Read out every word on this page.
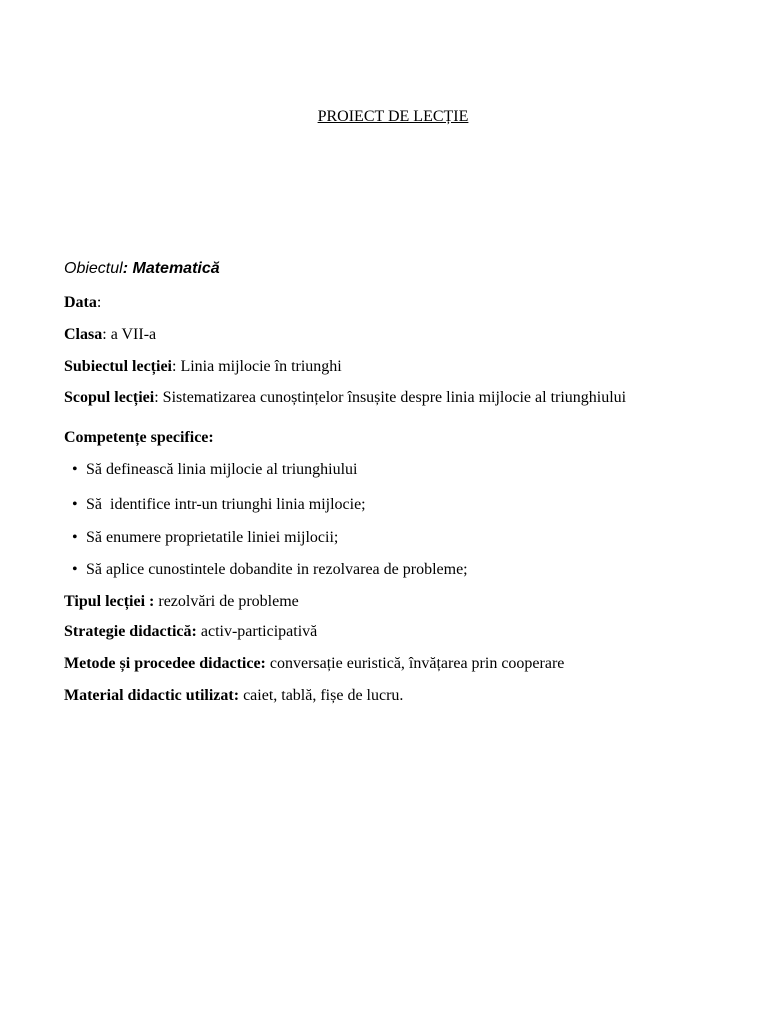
PROIECT DE LECȚIE
Obiectul: Matematică
Data:
Clasa: a VII-a
Subiectul lecției: Linia mijlocie în triunghi
Scopul lecției: Sistematizarea cunoștințelor însușite despre linia mijlocie al triunghiului
Competențe specifice:
• Să definească linia mijlocie al triunghiului
• Să  identifice intr-un triunghi linia mijlocie;
• Să enumere proprietatile liniei mijlocii;
• Să aplice cunostintele dobandite in rezolvarea de probleme;
Tipul lecției : rezolvări de probleme
Strategie didactică: activ-participativă
Metode și procedee didactice: conversație euristică, învățarea prin cooperare
Material didactic utilizat: caiet, tablă, fișe de lucru.
